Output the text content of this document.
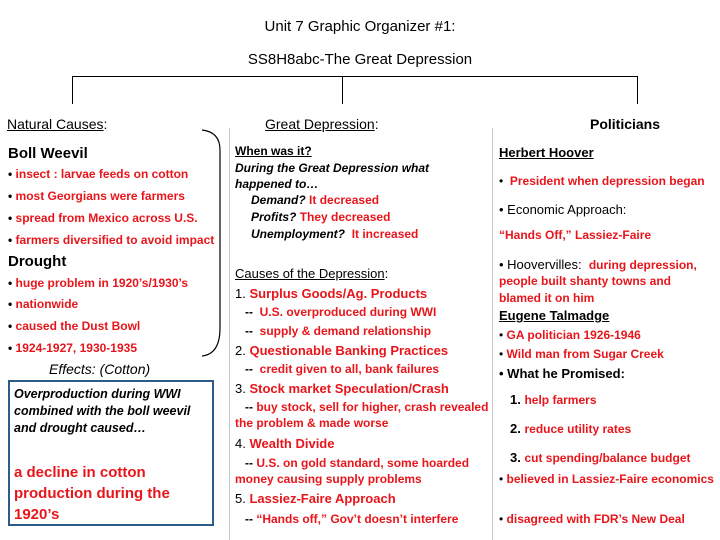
Unit 7 Graphic Organizer #1:
SS8H8abc-The Great Depression
Natural Causes:
Boll Weevil
• insect : larvae feeds on cotton
• most Georgians were farmers
• spread from Mexico across U.S.
• farmers diversified to avoid impact
Drought
• huge problem in 1920’s/1930’s
• nationwide
• caused the Dust Bowl
• 1924-1927, 1930-1935
Effects: (Cotton)
Overproduction during WWI combined with the boll weevil and drought caused…
a decline in cotton production during the 1920’s
Great Depression:
When was it?
During the Great Depression what happened to…
Demand? It decreased
Profits? They decreased
Unemployment? It increased
Causes of the Depression:
1. Surplus Goods/Ag. Products
-- U.S. overproduced during WWI
-- supply & demand relationship
2. Questionable Banking Practices
-- credit given to all, bank failures
3. Stock market Speculation/Crash
-- buy stock, sell for higher, crash revealed
the problem & made worse
4. Wealth Divide
-- U.S. on gold standard, some hoarded
money causing supply problems
5. Lassiez-Faire Approach
-- “Hands off,” Gov’t doesn’t interfere
Politicians
Herbert Hoover
•  President when depression began
• Economic Approach:
“Hands Off,” Lassiez-Faire
• Hoovervilles: during depression,
people built shanty towns and
blamed it on him
Eugene Talmadge
• GA politician 1926-1946
• Wild man from Sugar Creek
• What he Promised:
1. help farmers
2. reduce utility rates
3. cut spending/balance budget
• believed in Lassiez-Faire economics
• disagreed with FDR’s New Deal
